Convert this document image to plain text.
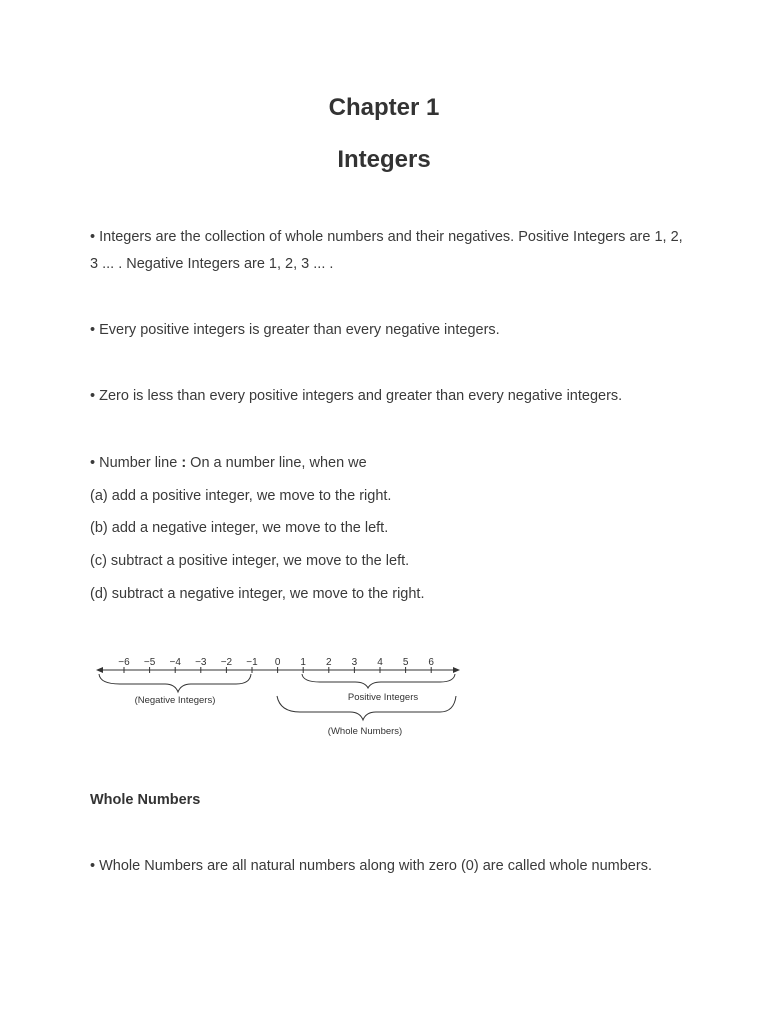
Chapter 1
Integers

• Integers are the collection of whole numbers and their negatives. Positive Integers are 1, 2, 3 ... . Negative Integers are 1, 2, 3 ... .

• Every positive integers is greater than every negative integers.

• Zero is less than every positive integers and greater than every negative integers.

• Number line : On a number line, when we

(a) add a positive integer, we move to the right.

(b) add a negative integer, we move to the left.

(c) subtract a positive integer, we move to the left.

(d) subtract a negative integer, we move to the right.

−6 −5 −4 −3 −2 −1 0 1 2 3 4 5 6
(Negative Integers)	Positive Integers
(Whole Numbers)

Whole Numbers

• Whole Numbers are all natural numbers along with zero (0) are called whole numbers.
